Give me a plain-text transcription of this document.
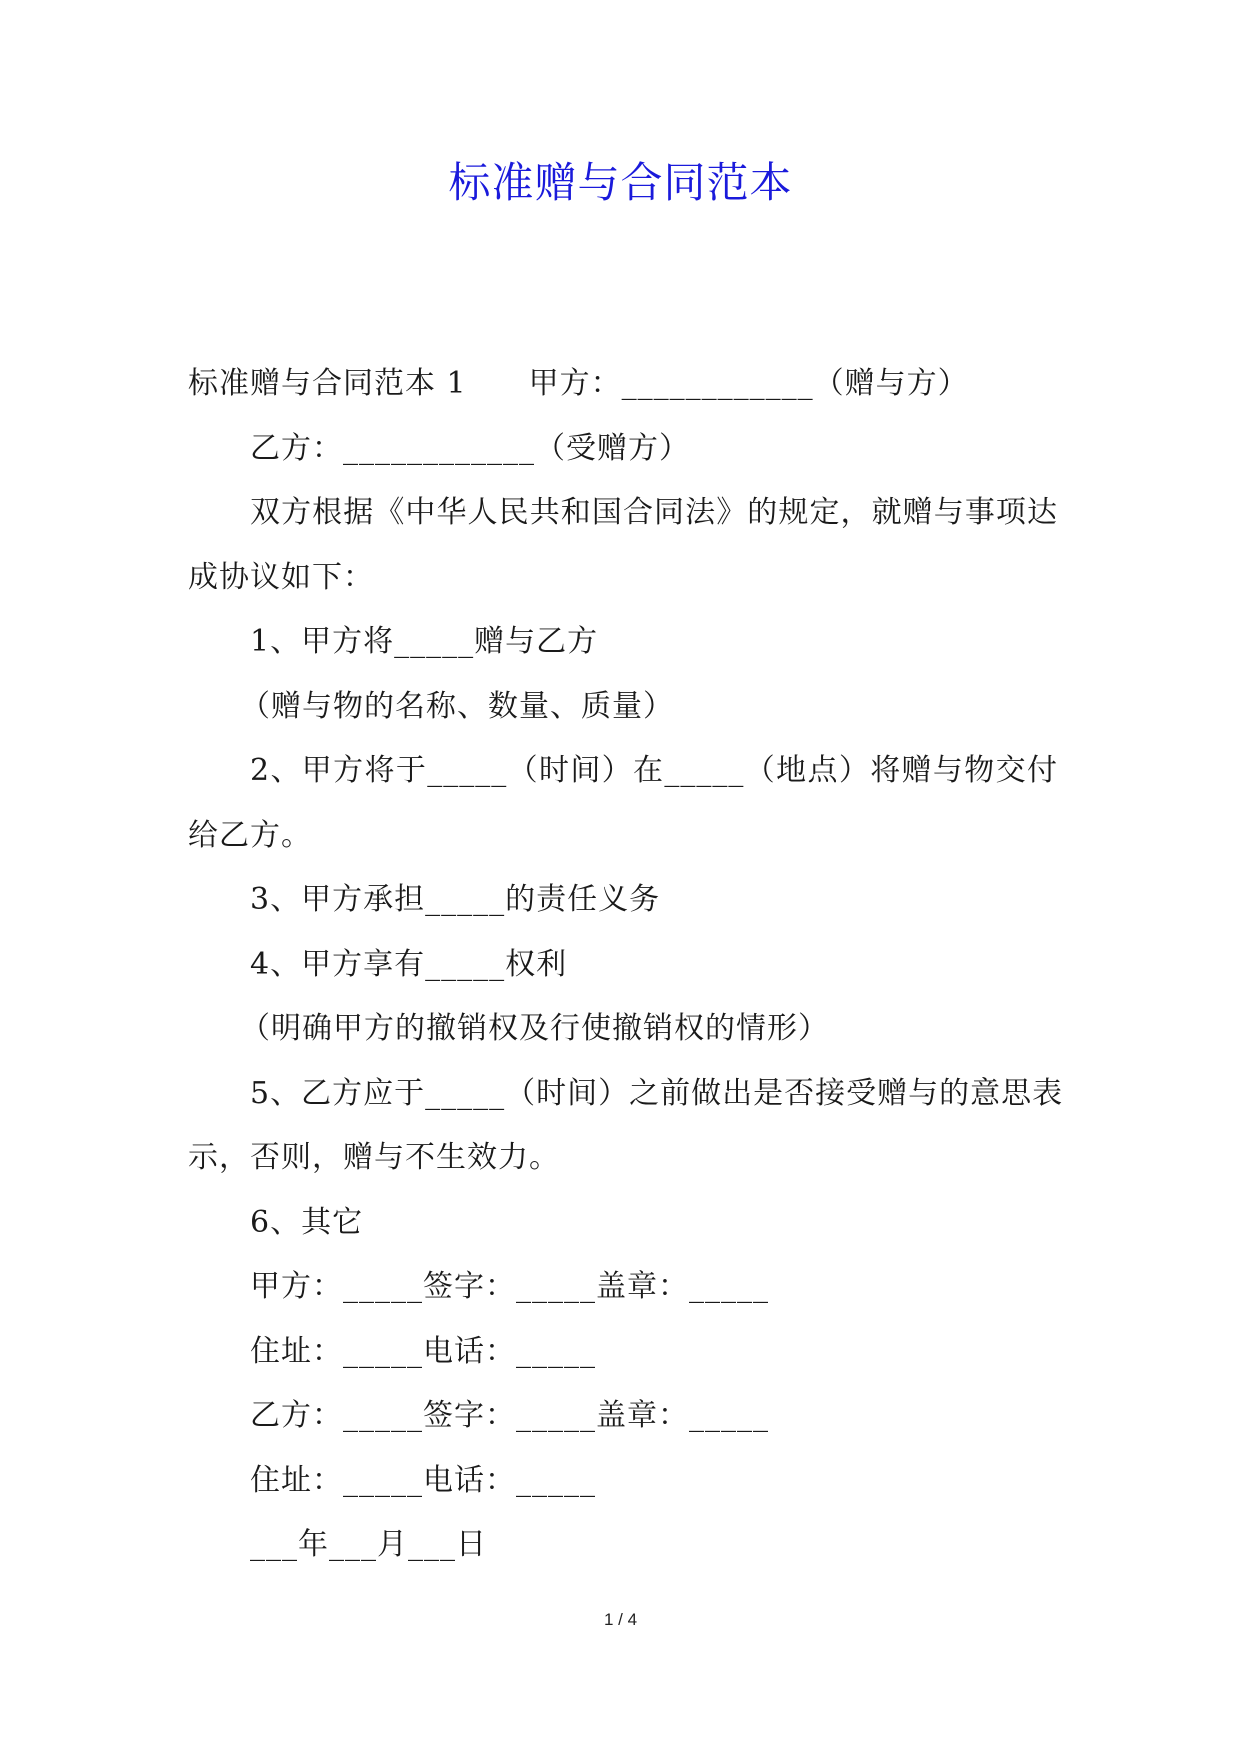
标准赠与合同范本
标准赠与合同范本 1 甲方：____________（赠与方）
乙方：____________（受赠方）
双方根据《中华人民共和国合同法》的规定，就赠与事项达
成协议如下：
1、甲方将_____赠与乙方
（赠与物的名称、数量、质量）
2、甲方将于_____（时间）在_____（地点）将赠与物交付
给乙方。
3、甲方承担_____的责任义务
4、甲方享有_____权利
（明确甲方的撤销权及行使撤销权的情形）
5、乙方应于_____（时间）之前做出是否接受赠与的意思表
示，否则，赠与不生效力。
6、其它
甲方：_____签字：_____盖章：_____
住址：_____电话：_____
乙方：_____签字：_____盖章：_____
住址：_____电话：_____
___年___月___日
1 / 4
